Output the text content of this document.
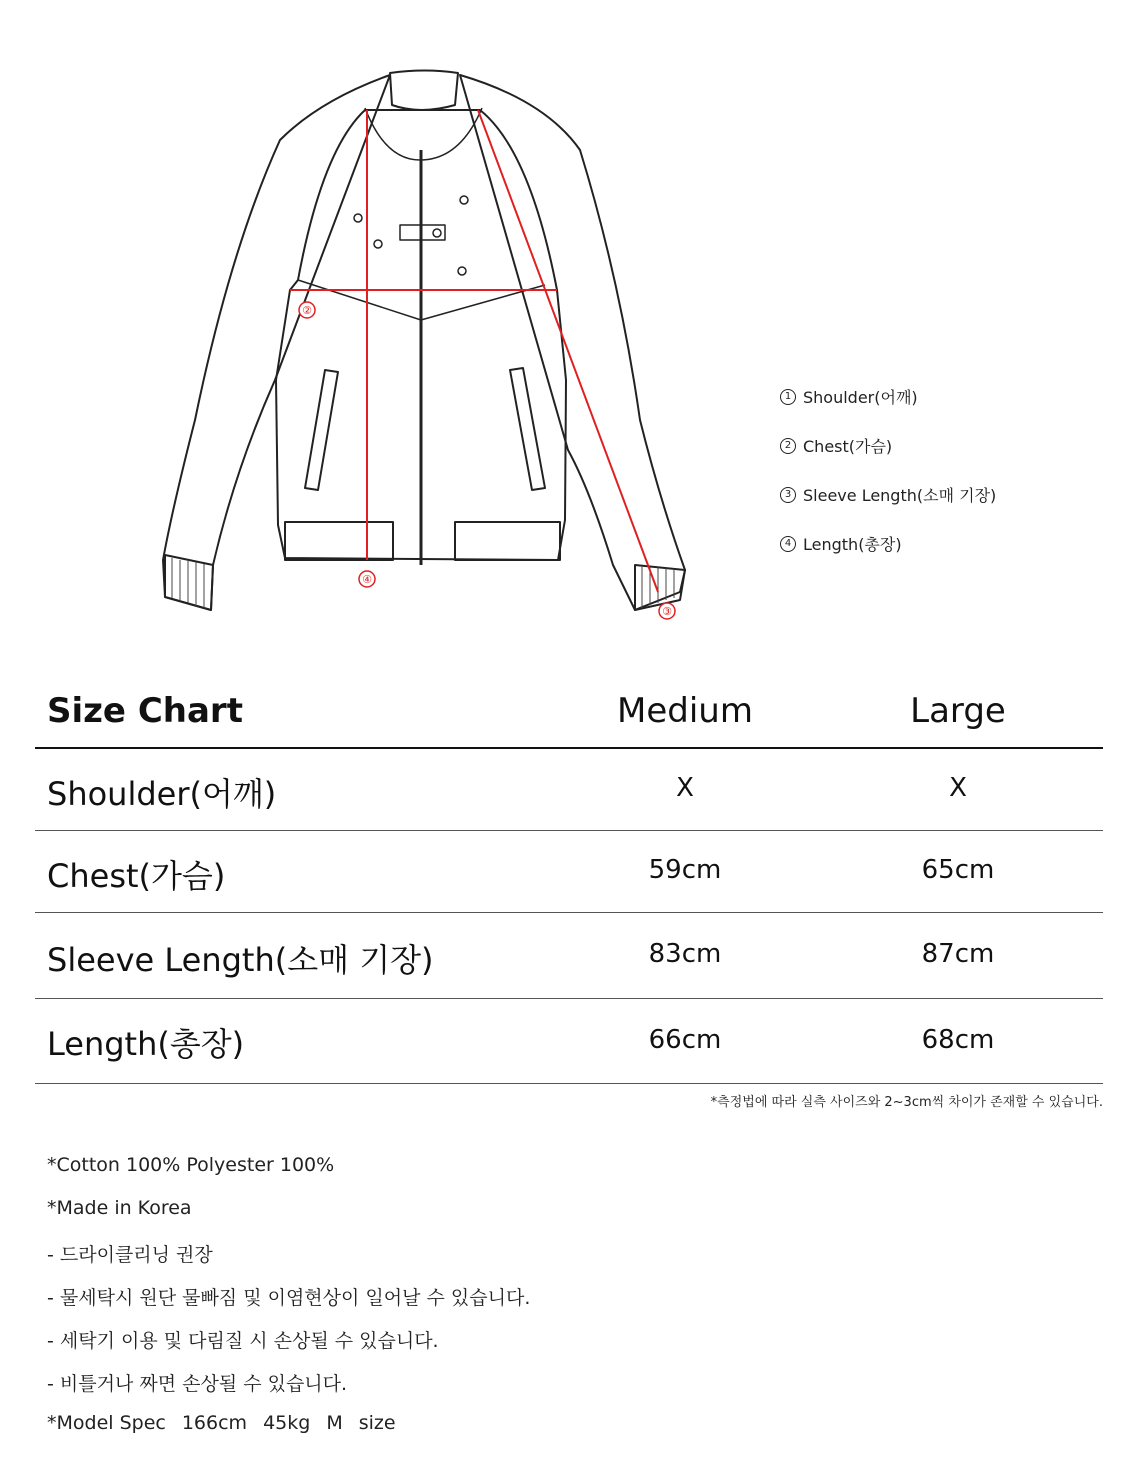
②
④
③
1 Shoulder(어깨)
2 Chest(가슴)
3 Sleeve Length(소매 기장)
4 Length(총장)
Size Chart	Medium	Large
Shoulder(어깨)	X	X
Chest(가슴)	59cm	65cm
Sleeve Length(소매 기장)	83cm	87cm
Length(총장)	66cm	68cm
*측정법에 따라 실측 사이즈와 2~3cm씩 차이가 존재할 수 있습니다.
*Cotton 100% Polyester 100%
*Made in Korea
- 드라이클리닝 권장
- 물세탁시 원단 물빠짐 및 이염현상이 일어날 수 있습니다.
- 세탁기 이용 및 다림질 시 손상될 수 있습니다.
- 비틀거나 짜면 손상될 수 있습니다.
*Model Spec 166cm 45kg M size
